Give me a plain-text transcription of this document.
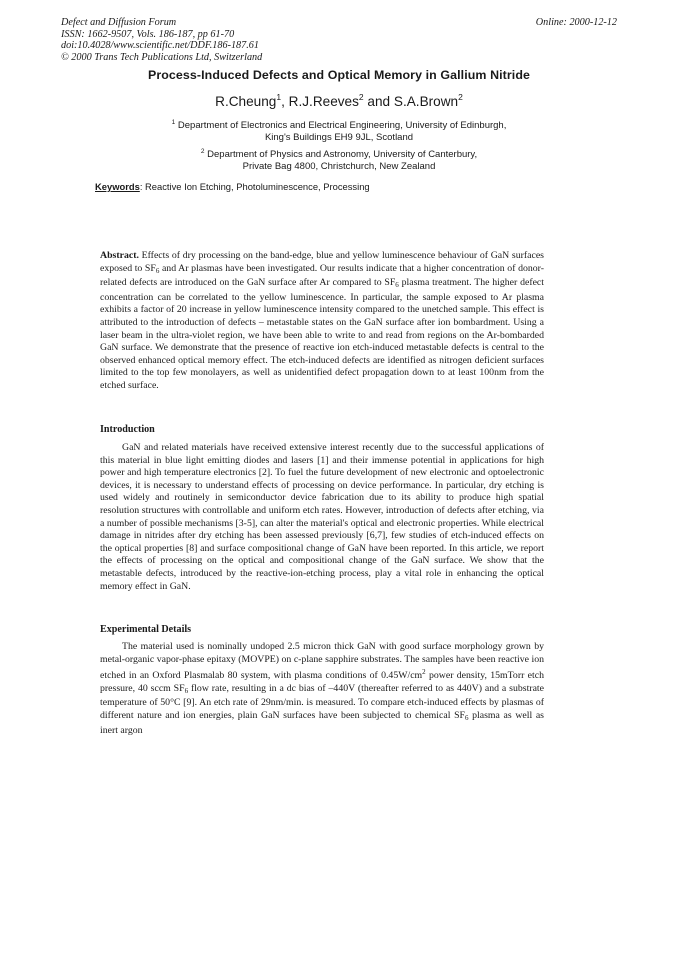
Defect and Diffusion Forum
ISSN: 1662-9507, Vols. 186-187, pp 61-70
doi:10.4028/www.scientific.net/DDF.186-187.61
© 2000 Trans Tech Publications Ltd, Switzerland
Online: 2000-12-12
Process-Induced Defects and Optical Memory in Gallium Nitride
R.Cheung$^1$, R.J.Reeves$^2$ and S.A.Brown$^2$
$^1$ Department of Electronics and Electrical Engineering, University of Edinburgh,
King's Buildings EH9 9JL, Scotland
$^2$ Department of Physics and Astronomy, University of Canterbury,
Private Bag 4800, Christchurch, New Zealand
Keywords: Reactive Ion Etching, Photoluminescence, Processing
Abstract. Effects of dry processing on the band-edge, blue and yellow luminescence behaviour of GaN surfaces exposed to $SF_6$ and Ar plasmas have been investigated. Our results indicate that a higher concentration of donor-related defects are introduced on the GaN surface after Ar compared to $SF_6$ plasma treatment. The higher defect concentration can be correlated to the yellow luminescence. In particular, the sample exposed to Ar plasma exhibits a factor of 20 increase in yellow luminescence intensity compared to the unetched sample. This effect is attributed to the introduction of defects – metastable states on the GaN surface after ion bombardment. Using a laser beam in the ultra-violet region, we have been able to write to and read from regions on the Ar-bombarded GaN surface. We demonstrate that the presence of reactive ion etch-induced metastable defects is central to the observed enhanced optical memory effect. The etch-induced defects are identified as nitrogen deficient surfaces limited to the top few monolayers, as well as unidentified defect propagation down to at least 100nm from the etched surface.
Introduction
GaN and related materials have received extensive interest recently due to the successful applications of this material in blue light emitting diodes and lasers [1] and their immense potential in applications for high power and high temperature electronics [2]. To fuel the future development of new electronic and optoelectronic devices, it is necessary to understand effects of processing on device performance. In particular, dry etching is used widely and routinely in semiconductor device fabrication due to its ability to produce high spatial resolution structures with controllable and uniform etch rates. However, introduction of defects after etching, via a number of possible mechanisms [3-5], can alter the material's optical and electronic properties. While electrical damage in nitrides after dry etching has been assessed previously [6,7], few studies of etch-induced effects on the optical properties [8] and surface compositional change of GaN have been reported. In this article, we report the effects of processing on the optical and compositional change of the GaN surface. We show that the metastable defects, introduced by the reactive-ion-etching process, play a vital role in enhancing the optical memory effect in GaN.
Experimental Details
The material used is nominally undoped 2.5 micron thick GaN with good surface morphology grown by metal-organic vapor-phase epitaxy (MOVPE) on c-plane sapphire substrates. The samples have been reactive ion etched in an Oxford Plasmalab 80 system, with plasma conditions of $0.45W/cm^2$ power density, 15mTorr etch pressure, 40 sccm $SF_6$ flow rate, resulting in a dc bias of –440V (thereafter referred to as 440V) and a substrate temperature of 50°C [9]. An etch rate of 29nm/min. is measured. To compare etch-induced effects by plasmas of different nature and ion energies, plain GaN surfaces have been subjected to chemical $SF_6$ plasma as well as inert argon
